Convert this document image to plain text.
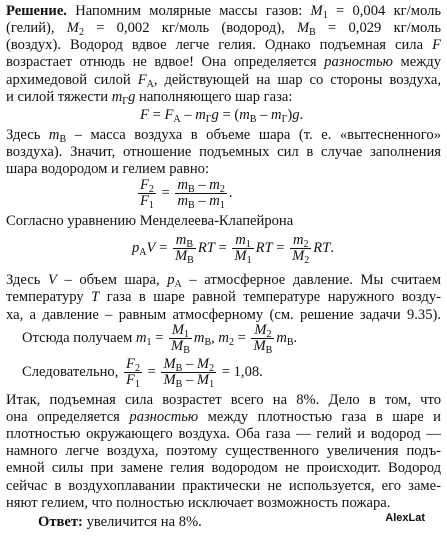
Решение. Напомним молярные массы газов: $M_1 = 0,004$ кг/моль
(гелий), $M_2 = 0,002$ кг/моль (водород), $M_В = 0,029$ кг/моль
(воздух). Водород вдвое легче гелия. Однако подъемная сила F
возрастает отнюдь не вдвое! Она определяется разностью между
архимедовой силой $F_A$, действующей на шар со стороны воздуха,
и силой тяжести $m_Гg$ наполняющего шар газа:
$F = F_A - m_Гg = (m_В - m_Г)g$.
Здесь $m_В$ – масса воздуха в объеме шара (т. е. «вытесненного»
воздуха). Значит, отношение подъемных сил в случае заполнения
шара водородом и гелием равно:
$\frac{F_2}{F_1} = \frac{m_В - m_2}{m_В - m_1}$ .
Согласно уравнению Менделеева-Клапейрона
$p_AV = \frac{m_В}{M_В}$ RT = $\frac{m_1}{M_1}$ RT = $\frac{m_2}{M_2}$ RT.
Здесь V – объем шара, $p_A$ – атмосферное давление. Мы считаем
температуру T газа в шаре равной температуре наружного возду-
ха, а давление – равным атмосферному (см. решение задачи 9.35).
Отсюда получаем $m_1 = \frac{M_1}{M_В} m_В$, $m_2 = \frac{M_2}{M_В} m_В$.
Следовательно, $\frac{F_2}{F_1} = \frac{M_В - M_2}{M_В - M_1} = 1,08$.
Итак, подъемная сила возрастет всего на 8%. Дело в том, что
она определяется разностью между плотностью газа в шаре и
плотностью окружающего воздуха. Оба газа — гелий и водород —
намного легче воздуха, поэтому существенного увеличения подъ-
емной силы при замене гелия водородом не происходит. Водород
сейчас в воздухоплавании практически не используется, его заме-
няют гелием, что полностью исключает возможность пожара.
Ответ: увеличится на 8%.	AlexLat
